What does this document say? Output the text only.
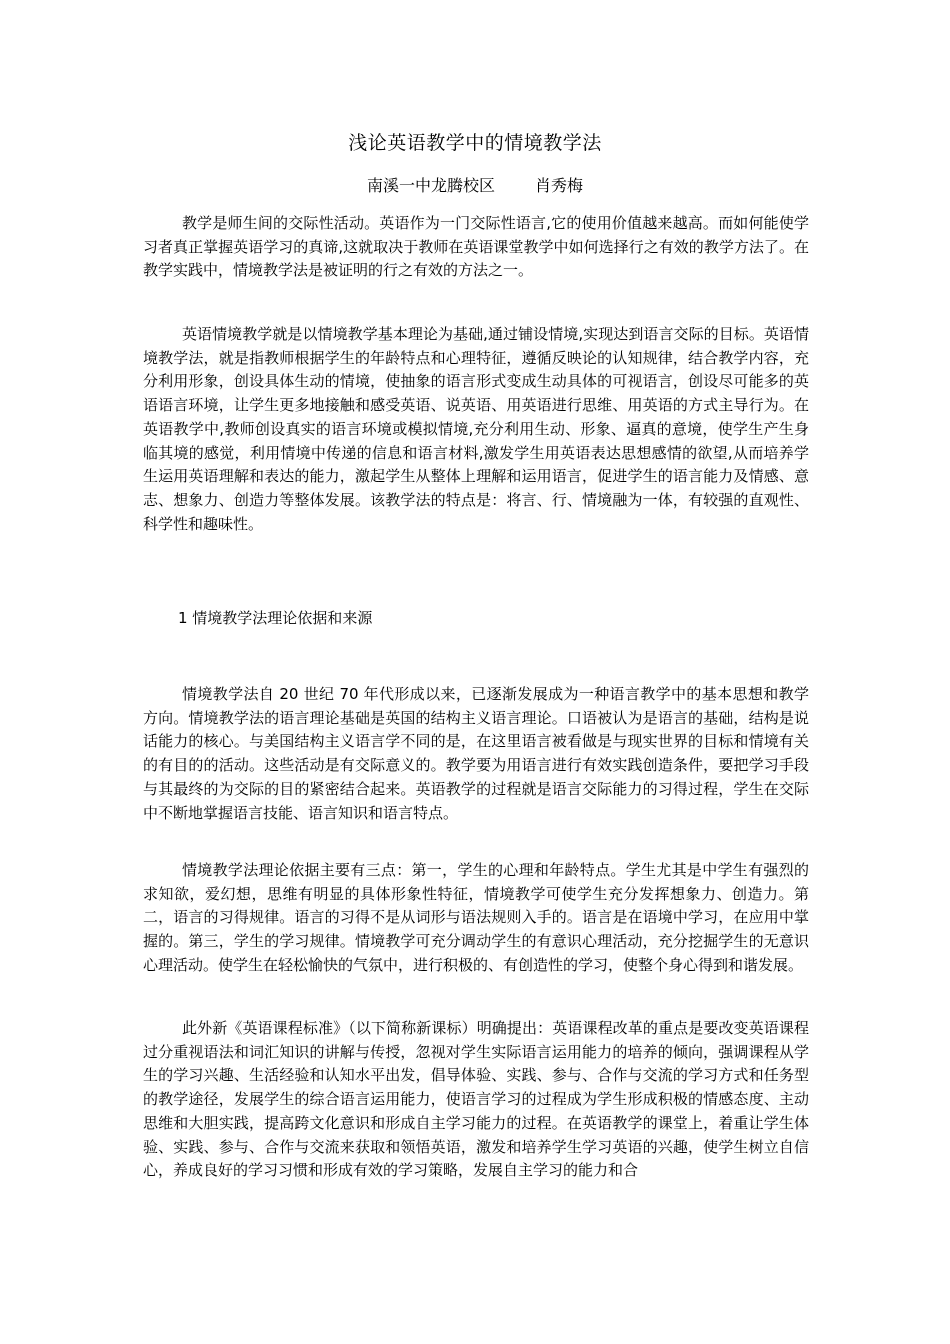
浅论英语教学中的情境教学法
南溪一中龙腾校区	肖秀梅

教学是师生间的交际性活动。英语作为一门交际性语言,它的使用价值越来越高。而如何能使学习者真正掌握英语学习的真谛,这就取决于教师在英语课堂教学中如何选择行之有效的教学方法了。在教学实践中，情境教学法是被证明的行之有效的方法之一。

英语情境教学就是以情境教学基本理论为基础,通过铺设情境,实现达到语言交际的目标。英语情境教学法，就是指教师根据学生的年龄特点和心理特征，遵循反映论的认知规律，结合教学内容，充分利用形象，创设具体生动的情境，使抽象的语言形式变成生动具体的可视语言，创设尽可能多的英语语言环境，让学生更多地接触和感受英语、说英语、用英语进行思维、用英语的方式主导行为。在英语教学中,教师创设真实的语言环境或模拟情境,充分利用生动、形象、逼真的意境，使学生产生身临其境的感觉，利用情境中传递的信息和语言材料,激发学生用英语表达思想感情的欲望,从而培养学生运用英语理解和表达的能力，激起学生从整体上理解和运用语言，促进学生的语言能力及情感、意志、想象力、创造力等整体发展。该教学法的特点是：将言、行、情境融为一体，有较强的直观性、科学性和趣味性。

1 情境教学法理论依据和来源

情境教学法自 20 世纪 70 年代形成以来，已逐渐发展成为一种语言教学中的基本思想和教学方向。情境教学法的语言理论基础是英国的结构主义语言理论。口语被认为是语言的基础，结构是说话能力的核心。与美国结构主义语言学不同的是，在这里语言被看做是与现实世界的目标和情境有关的有目的的活动。这些活动是有交际意义的。教学要为用语言进行有效实践创造条件，要把学习手段与其最终的为交际的目的紧密结合起来。英语教学的过程就是语言交际能力的习得过程，学生在交际中不断地掌握语言技能、语言知识和语言特点。

情境教学法理论依据主要有三点：第一，学生的心理和年龄特点。学生尤其是中学生有强烈的求知欲，爱幻想，思维有明显的具体形象性特征，情境教学可使学生充分发挥想象力、创造力。第二，语言的习得规律。语言的习得不是从词形与语法规则入手的。语言是在语境中学习，在应用中掌握的。第三，学生的学习规律。情境教学可充分调动学生的有意识心理活动，充分挖掘学生的无意识心理活动。使学生在轻松愉快的气氛中，进行积极的、有创造性的学习，使整个身心得到和谐发展。

此外新《英语课程标准》（以下简称新课标）明确提出：英语课程改革的重点是要改变英语课程过分重视语法和词汇知识的讲解与传授，忽视对学生实际语言运用能力的培养的倾向，强调课程从学生的学习兴趣、生活经验和认知水平出发，倡导体验、实践、参与、合作与交流的学习方式和任务型的教学途径，发展学生的综合语言运用能力，使语言学习的过程成为学生形成积极的情感态度、主动思维和大胆实践，提高跨文化意识和形成自主学习能力的过程。在英语教学的课堂上，着重让学生体验、实践、参与、合作与交流来获取和领悟英语，激发和培养学生学习英语的兴趣，使学生树立自信心，养成良好的学习习惯和形成有效的学习策略，发展自主学习的能力和合
